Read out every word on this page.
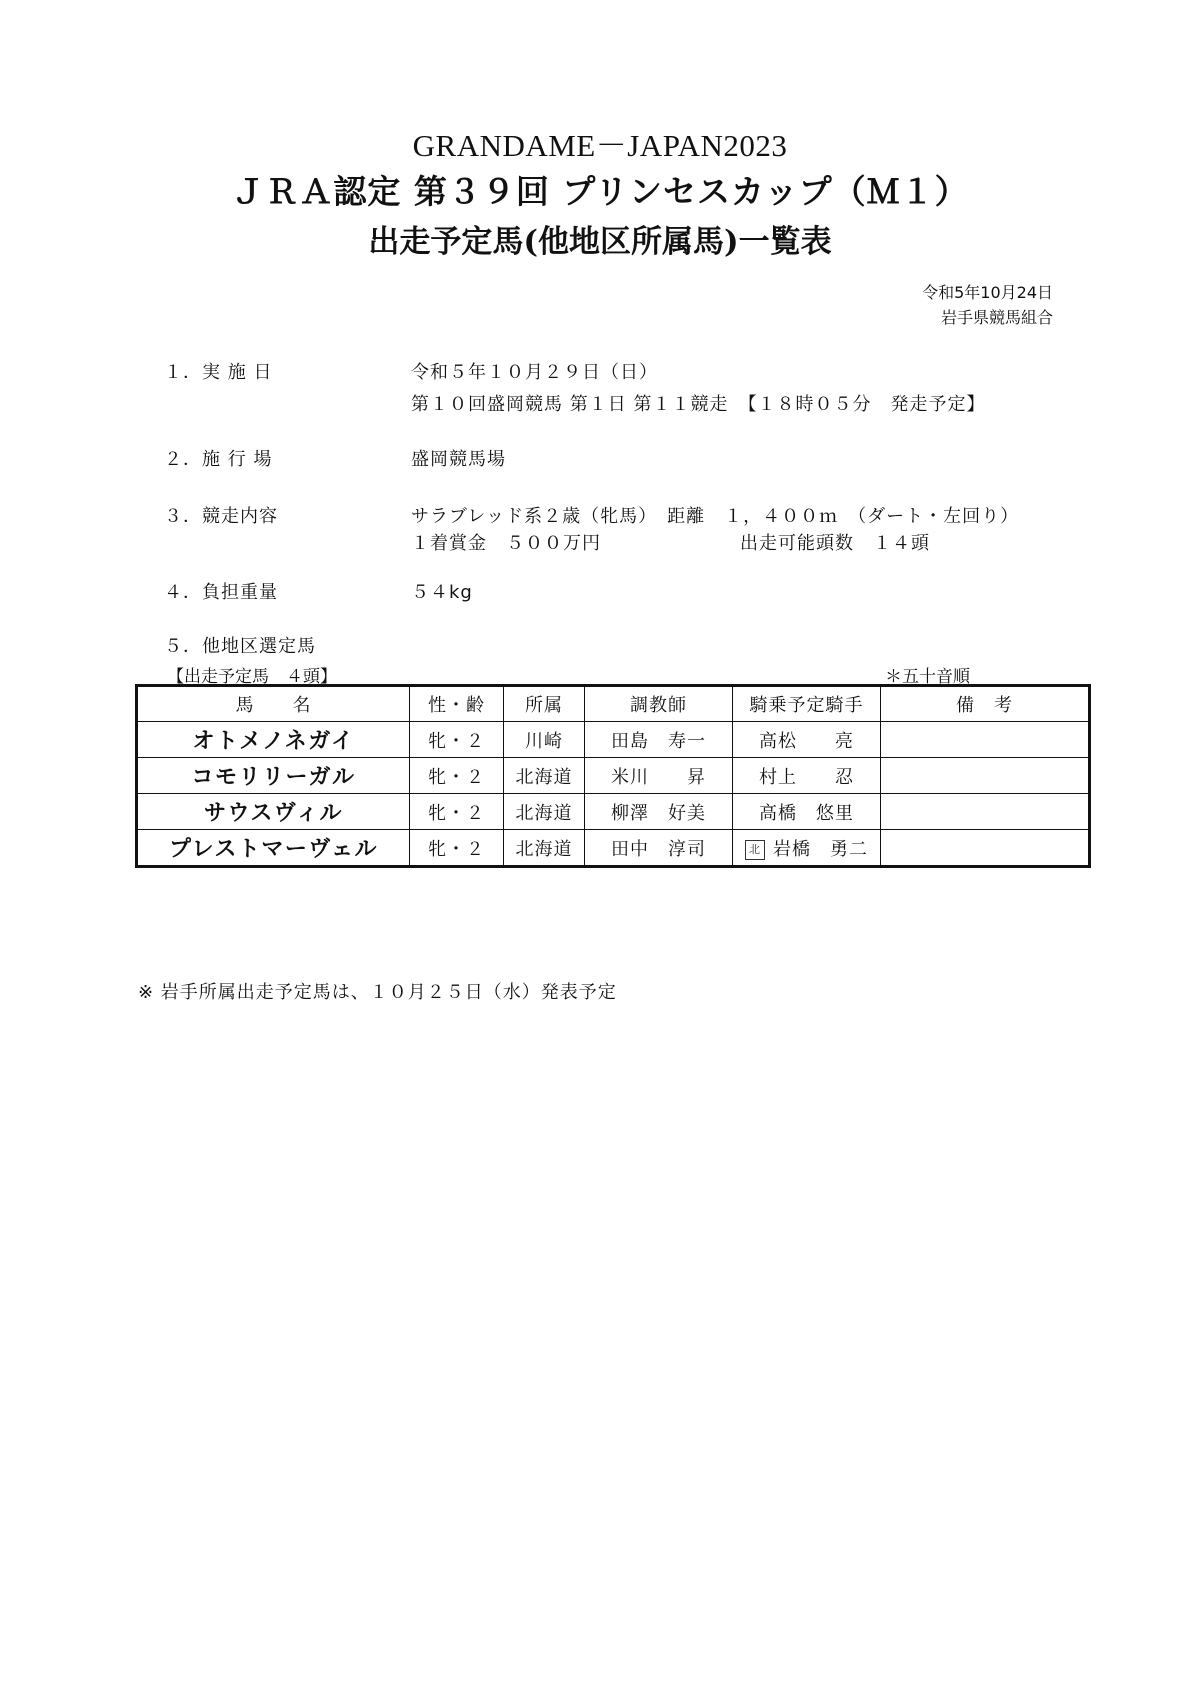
GRANDAME－JAPAN2023
ＪＲＡ認定 第３９回 プリンセスカップ（Ｍ１）
出走予定馬(他地区所属馬)一覧表
令和5年10月24日
岩手県競馬組合
１．実 施 日	令和５年１０月２９日（日）
第１０回盛岡競馬 第１日 第１１競走　【１８時０５分　発走予定】
２．施 行 場	盛岡競馬場
３．競走内容	サラブレッド系２歳（牝馬）　距離　１，４００ｍ　（ダート・左回り）
１着賞金　５００万円	出走可能頭数　１４頭
４．負担重量	５４kg
５．他地区選定馬
【出走予定馬　４頭】	＊五十音順
馬　　名	性・齢	所属	調教師	騎乗予定騎手	備　考
オトメノネガイ	牝・２	川崎	田島　寿一	高松　　亮	
コモリリーガル	牝・２	北海道	米川　　昇	村上　　忍	
サウスヴィル	牝・２	北海道	柳澤　好美	高橋　悠里	
プレストマーヴェル	牝・２	北海道	田中　淳司	北 岩橋　勇二	
※ 岩手所属出走予定馬は、１０月２５日（水）発表予定
